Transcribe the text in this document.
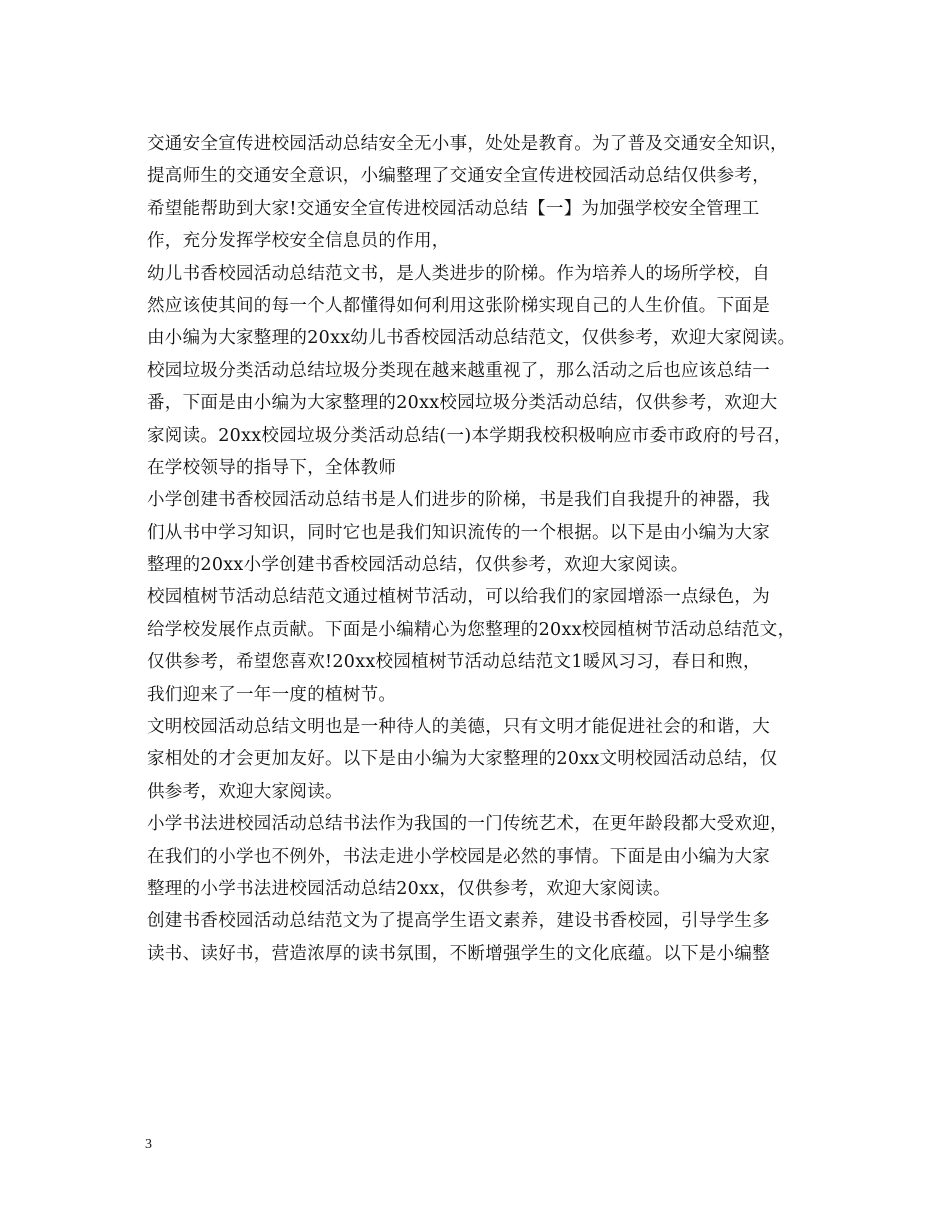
交通安全宣传进校园活动总结安全无小事，处处是教育。为了普及交通安全知识，
提高师生的交通安全意识，小编整理了交通安全宣传进校园活动总结仅供参考，
希望能帮助到大家!交通安全宣传进校园活动总结【一】为加强学校安全管理工
作，充分发挥学校安全信息员的作用，
幼儿书香校园活动总结范文书，是人类进步的阶梯。作为培养人的场所学校，自
然应该使其间的每一个人都懂得如何利用这张阶梯实现自己的人生价值。下面是
由小编为大家整理的20xx幼儿书香校园活动总结范文，仅供参考，欢迎大家阅读。
校园垃圾分类活动总结垃圾分类现在越来越重视了，那么活动之后也应该总结一
番，下面是由小编为大家整理的20xx校园垃圾分类活动总结，仅供参考，欢迎大
家阅读。20xx校园垃圾分类活动总结(一)本学期我校积极响应市委市政府的号召，
在学校领导的指导下，全体教师
小学创建书香校园活动总结书是人们进步的阶梯，书是我们自我提升的神器，我
们从书中学习知识，同时它也是我们知识流传的一个根据。以下是由小编为大家
整理的20xx小学创建书香校园活动总结，仅供参考，欢迎大家阅读。
校园植树节活动总结范文通过植树节活动，可以给我们的家园增添一点绿色，为
给学校发展作点贡献。下面是小编精心为您整理的20xx校园植树节活动总结范文，
仅供参考，希望您喜欢!20xx校园植树节活动总结范文1暖风习习，春日和煦，
我们迎来了一年一度的植树节。
文明校园活动总结文明也是一种待人的美德，只有文明才能促进社会的和谐，大
家相处的才会更加友好。以下是由小编为大家整理的20xx文明校园活动总结，仅
供参考，欢迎大家阅读。
小学书法进校园活动总结书法作为我国的一门传统艺术，在更年龄段都大受欢迎，
在我们的小学也不例外，书法走进小学校园是必然的事情。下面是由小编为大家
整理的小学书法进校园活动总结20xx，仅供参考，欢迎大家阅读。
创建书香校园活动总结范文为了提高学生语文素养，建设书香校园，引导学生多
读书、读好书，营造浓厚的读书氛围，不断增强学生的文化底蕴。以下是小编整
3
